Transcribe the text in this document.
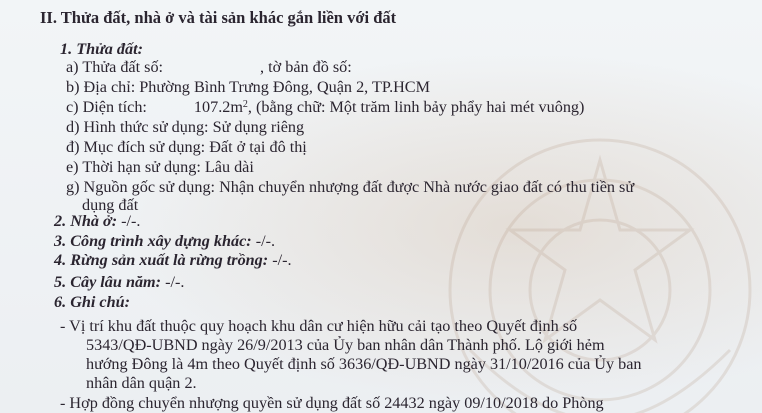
II. Thửa đất, nhà ở và tài sản khác gắn liền với đất
1. Thửa đất:
a) Thửa đất số:	, tờ bản đồ số:
b) Địa chỉ: Phường Bình Trưng Đông, Quận 2, TP.HCM
c) Diện tích:	$107.2m^2$, (bằng chữ: Một trăm linh bảy phẩy hai mét vuông)
d) Hình thức sử dụng: Sử dụng riêng
đ) Mục đích sử dụng: Đất ở tại đô thị
e) Thời hạn sử dụng: Lâu dài
g) Nguồn gốc sử dụng: Nhận chuyển nhượng đất được Nhà nước giao đất có thu tiền sử
dụng đất
2. Nhà ở: -/-.
3. Công trình xây dựng khác: -/-.
4. Rừng sản xuất là rừng trồng: -/-.
5. Cây lâu năm: -/-.
6. Ghi chú:
- Vị trí khu đất thuộc quy hoạch khu dân cư hiện hữu cải tạo theo Quyết định số
5343/QĐ-UBND ngày 26/9/2013 của Ủy ban nhân dân Thành phố. Lộ giới hẻm
hướng Đông là 4m theo Quyết định số 3636/QĐ-UBND ngày 31/10/2016 của Ủy ban
nhân dân quận 2.
- Hợp đồng chuyển nhượng quyền sử dụng đất số 24432 ngày 09/10/2018 do Phòng
